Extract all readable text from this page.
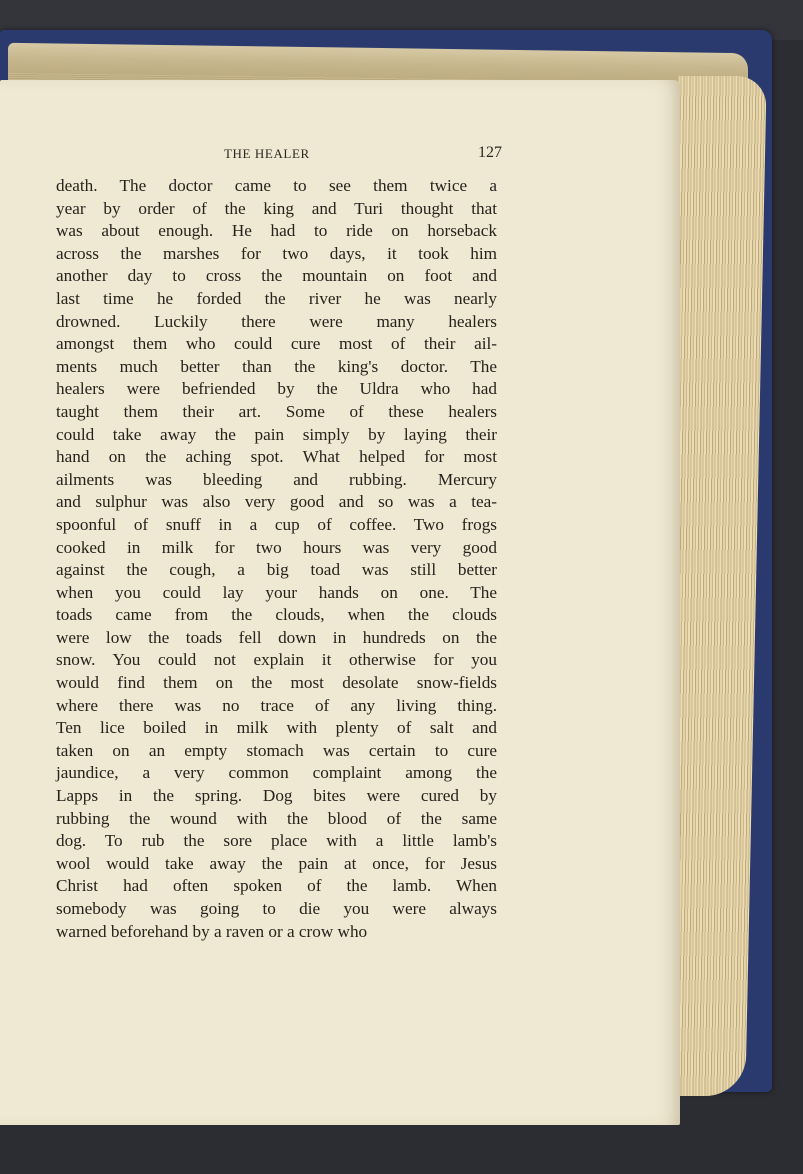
THE HEALER	127
death. The doctor came to see them twice a
year by order of the king and Turi thought that
was about enough. He had to ride on horseback
across the marshes for two days, it took him
another day to cross the mountain on foot and
last time he forded the river he was nearly
drowned. Luckily there were many healers
amongst them who could cure most of their ail-
ments much better than the king's doctor. The
healers were befriended by the Uldra who had
taught them their art. Some of these healers
could take away the pain simply by laying their
hand on the aching spot. What helped for most
ailments was bleeding and rubbing. Mercury
and sulphur was also very good and so was a tea-
spoonful of snuff in a cup of coffee. Two frogs
cooked in milk for two hours was very good
against the cough, a big toad was still better
when you could lay your hands on one. The
toads came from the clouds, when the clouds
were low the toads fell down in hundreds on the
snow. You could not explain it otherwise for you
would find them on the most desolate snow-fields
where there was no trace of any living thing.
Ten lice boiled in milk with plenty of salt and
taken on an empty stomach was certain to cure
jaundice, a very common complaint among the
Lapps in the spring. Dog bites were cured by
rubbing the wound with the blood of the same
dog. To rub the sore place with a little lamb's
wool would take away the pain at once, for Jesus
Christ had often spoken of the lamb. When
somebody was going to die you were always
warned beforehand by a raven or a crow who
